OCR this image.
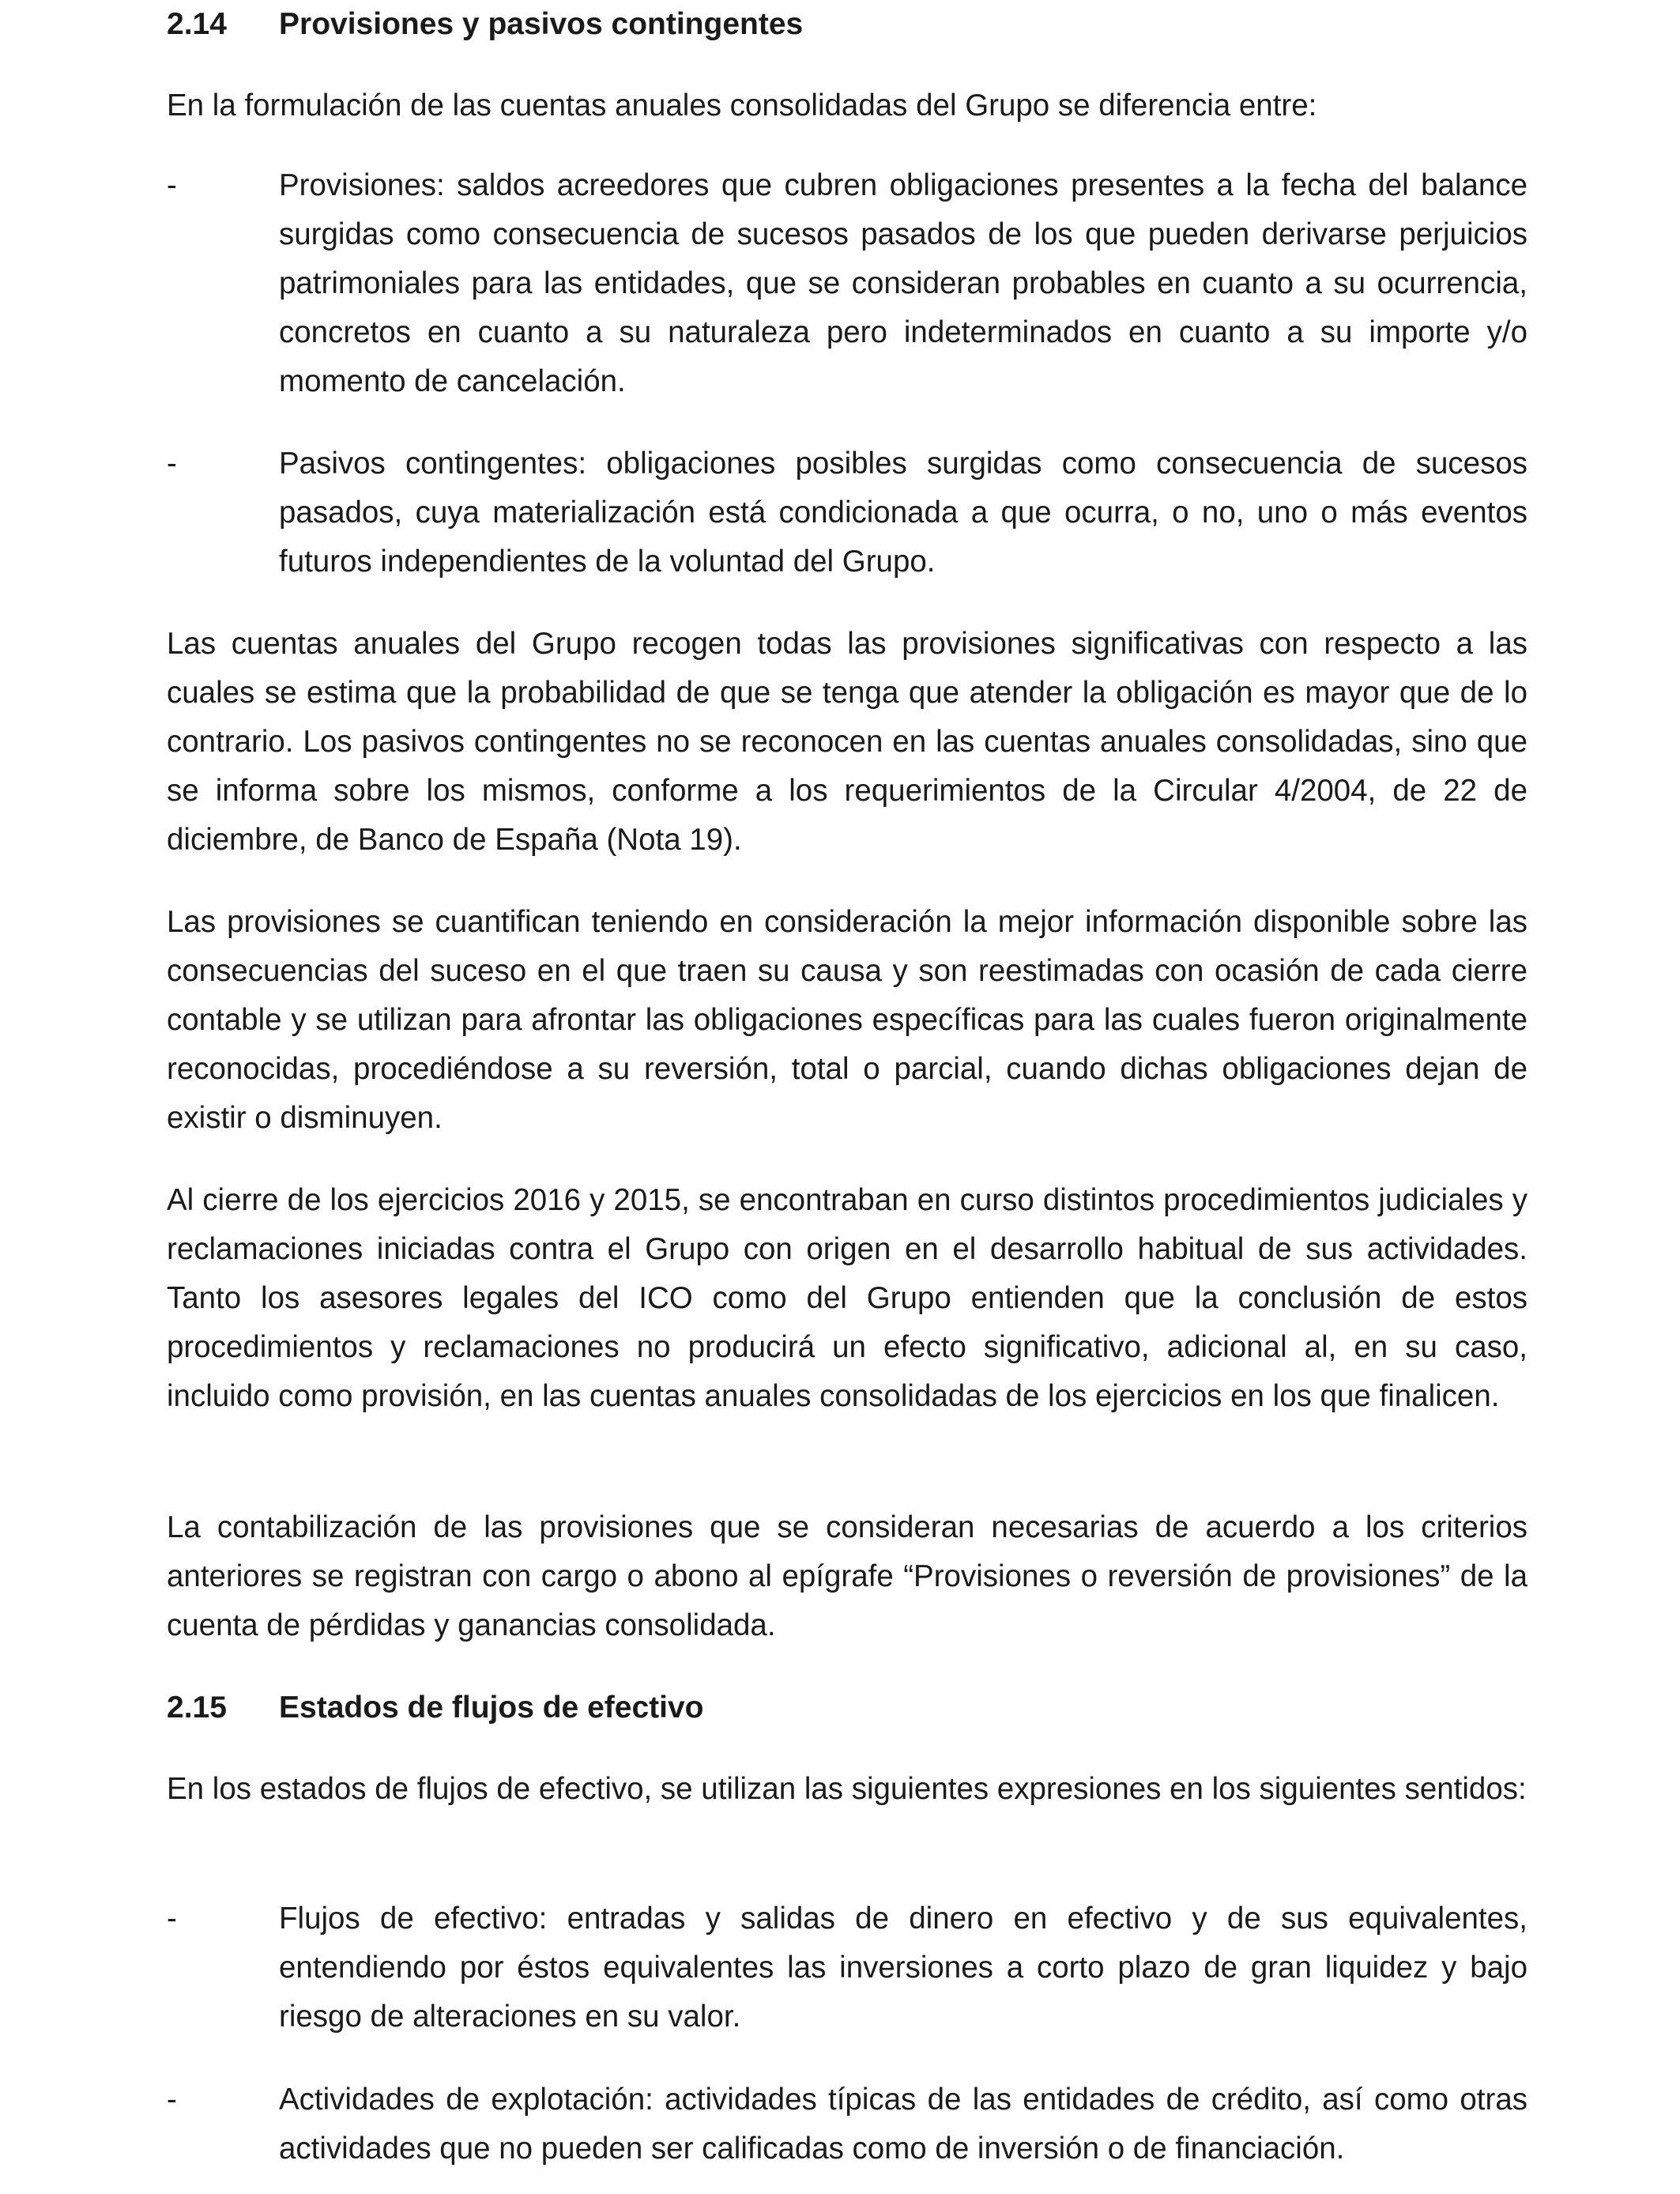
2.14	Provisiones y pasivos contingentes

En la formulación de las cuentas anuales consolidadas del Grupo se diferencia entre:

-	Provisiones: saldos acreedores que cubren obligaciones presentes a la fecha del balance surgidas como consecuencia de sucesos pasados de los que pueden derivarse perjuicios patrimoniales para las entidades, que se consideran probables en cuanto a su ocurrencia, concretos en cuanto a su naturaleza pero indeterminados en cuanto a su importe y/o momento de cancelación.
-	Pasivos contingentes: obligaciones posibles surgidas como consecuencia de sucesos pasados, cuya materialización está condicionada a que ocurra, o no, uno o más eventos futuros independientes de la voluntad del Grupo.

Las cuentas anuales del Grupo recogen todas las provisiones significativas con respecto a las cuales se estima que la probabilidad de que se tenga que atender la obligación es mayor que de lo contrario. Los pasivos contingentes no se reconocen en las cuentas anuales consolidadas, sino que se informa sobre los mismos, conforme a los requerimientos de la Circular 4/2004, de 22 de diciembre, de Banco de España (Nota 19).

Las provisiones se cuantifican teniendo en consideración la mejor información disponible sobre las consecuencias del suceso en el que traen su causa y son reestimadas con ocasión de cada cierre contable y se utilizan para afrontar las obligaciones específicas para las cuales fueron originalmente reconocidas, procediéndose a su reversión, total o parcial, cuando dichas obligaciones dejan de existir o disminuyen.

Al cierre de los ejercicios 2016 y 2015, se encontraban en curso distintos procedimientos judiciales y reclamaciones iniciadas contra el Grupo con origen en el desarrollo habitual de sus actividades. Tanto los asesores legales del ICO como del Grupo entienden que la conclusión de estos procedimientos y reclamaciones no producirá un efecto significativo, adicional al, en su caso, incluido como provisión, en las cuentas anuales consolidadas de los ejercicios en los que finalicen.

La contabilización de las provisiones que se consideran necesarias de acuerdo a los criterios anteriores se registran con cargo o abono al epígrafe “Provisiones o reversión de provisiones” de la cuenta de pérdidas y ganancias consolidada.

2.15	Estados de flujos de efectivo

En los estados de flujos de efectivo, se utilizan las siguientes expresiones en los siguientes sentidos:

-	Flujos de efectivo: entradas y salidas de dinero en efectivo y de sus equivalentes, entendiendo por éstos equivalentes las inversiones a corto plazo de gran liquidez y bajo riesgo de alteraciones en su valor.
-	Actividades de explotación: actividades típicas de las entidades de crédito, así como otras actividades que no pueden ser calificadas como de inversión o de financiación.
